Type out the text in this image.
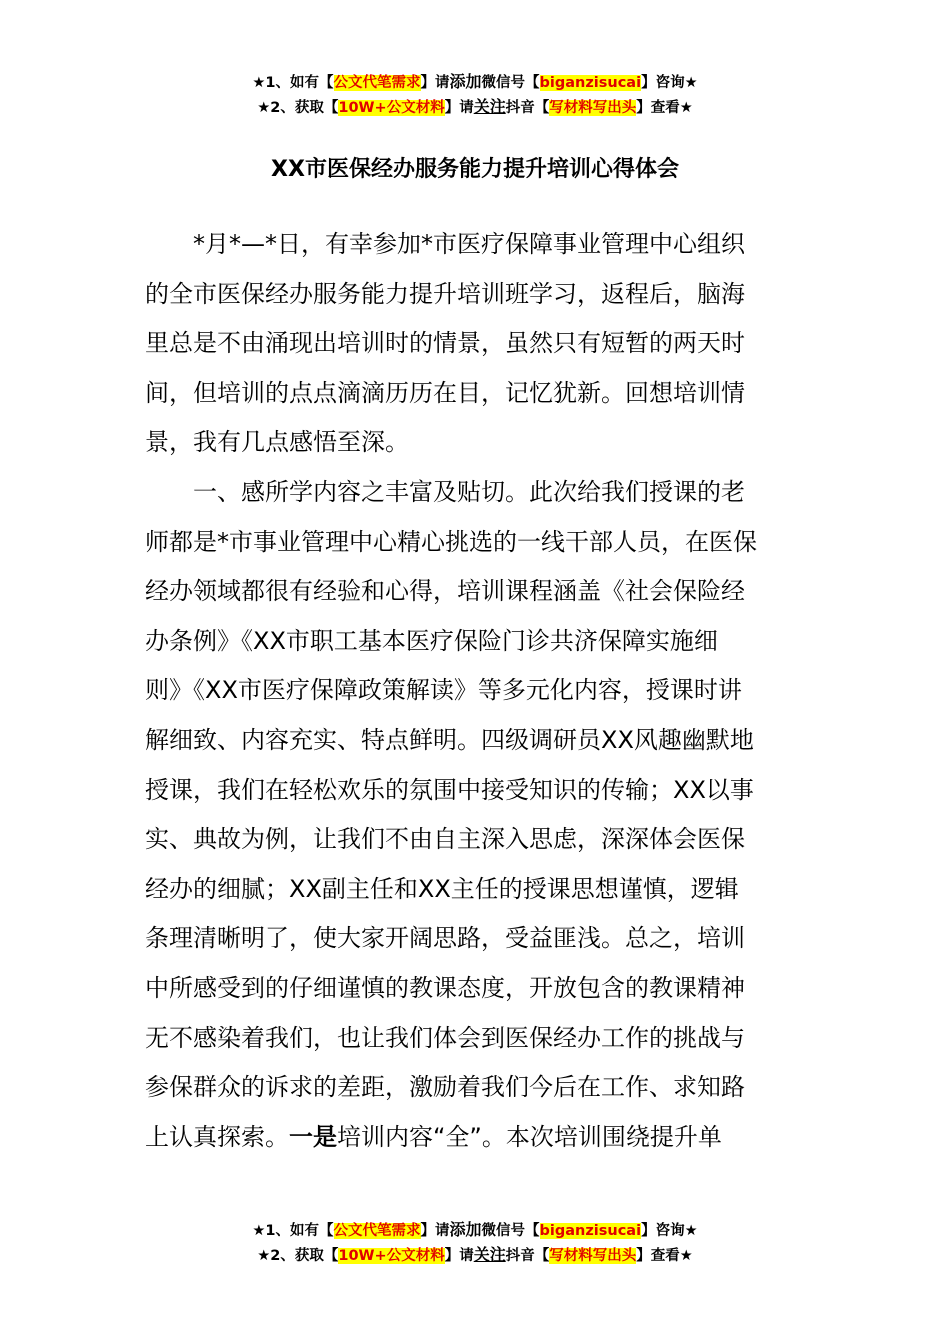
★1、如有【公文代笔需求】请添加微信号【biganzisucai】咨询★
★2、获取【10W+公文材料】请关注抖音【写材料写出头】查看★
XX市医保经办服务能力提升培训心得体会
*月*—*日，有幸参加*市医疗保障事业管理中心组织
的全市医保经办服务能力提升培训班学习，返程后，脑海
里总是不由涌现出培训时的情景，虽然只有短暂的两天时
间，但培训的点点滴滴历历在目，记忆犹新。回想培训情
景，我有几点感悟至深。
一、感所学内容之丰富及贴切。此次给我们授课的老
师都是*市事业管理中心精心挑选的一线干部人员，在医保
经办领域都很有经验和心得，培训课程涵盖《社会保险经
办条例》《XX市职工基本医疗保险门诊共济保障实施细
则》《XX市医疗保障政策解读》等多元化内容，授课时讲
解细致、内容充实、特点鲜明。四级调研员XX风趣幽默地
授课，我们在轻松欢乐的氛围中接受知识的传输；XX以事
实、典故为例，让我们不由自主深入思虑，深深体会医保
经办的细腻；XX副主任和XX主任的授课思想谨慎，逻辑
条理清晰明了，使大家开阔思路，受益匪浅。总之，培训
中所感受到的仔细谨慎的教课态度，开放包含的教课精神
无不感染着我们，也让我们体会到医保经办工作的挑战与
参保群众的诉求的差距，激励着我们今后在工作、求知路
上认真探索。一是培训内容“全”。本次培训围绕提升单
★1、如有【公文代笔需求】请添加微信号【biganzisucai】咨询★
★2、获取【10W+公文材料】请关注抖音【写材料写出头】查看★
